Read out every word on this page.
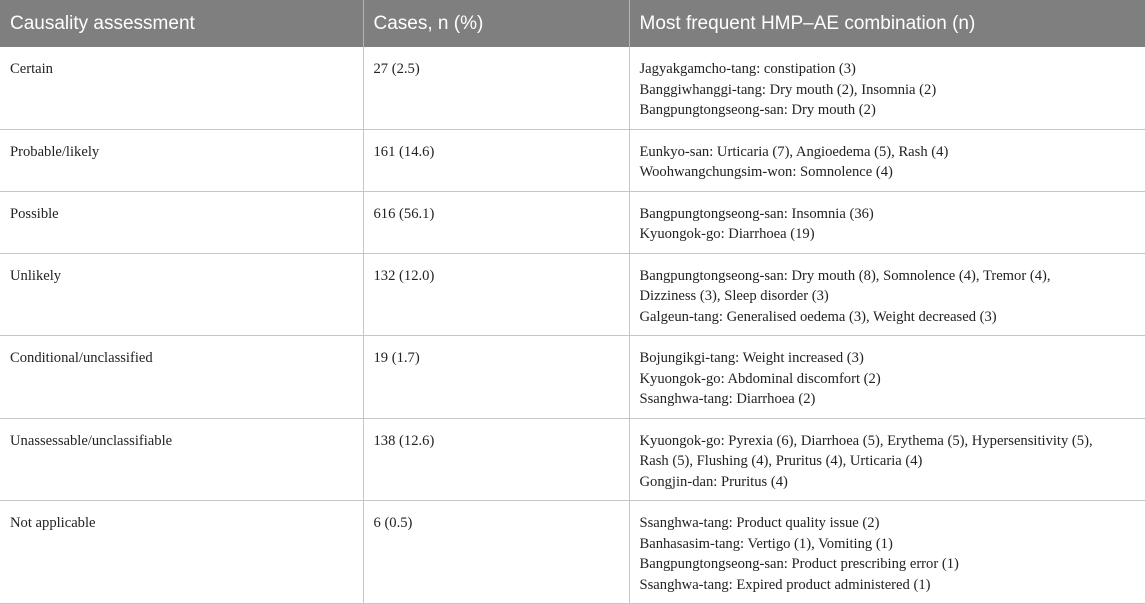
Causality assessment	Cases, n (%)	Most frequent HMP–AE combination (n)
Certain	27 (2.5)	Jagyakgamcho-tang: constipation (3)
Banggiwhanggi-tang: Dry mouth (2), Insomnia (2)
Bangpungtongseong-san: Dry mouth (2)

Probable/likely	161 (14.6)	Eunkyo-san: Urticaria (7), Angioedema (5), Rash (4)
Woohwangchungsim-won: Somnolence (4)

Possible	616 (56.1)	Bangpungtongseong-san: Insomnia (36)
Kyuongok-go: Diarrhoea (19)

Unlikely	132 (12.0)	Bangpungtongseong-san: Dry mouth (8), Somnolence (4), Tremor (4),
Dizziness (3), Sleep disorder (3)
Galgeun-tang: Generalised oedema (3), Weight decreased (3)

Conditional/unclassified	19 (1.7)	Bojungikgi-tang: Weight increased (3)
Kyuongok-go: Abdominal discomfort (2)
Ssanghwa-tang: Diarrhoea (2)

Unassessable/unclassifiable	138 (12.6)	Kyuongok-go: Pyrexia (6), Diarrhoea (5), Erythema (5), Hypersensitivity (5),
Rash (5), Flushing (4), Pruritus (4), Urticaria (4)
Gongjin-dan: Pruritus (4)

Not applicable	6 (0.5)	Ssanghwa-tang: Product quality issue (2)
Banhasasim-tang: Vertigo (1), Vomiting (1)
Bangpungtongseong-san: Product prescribing error (1)
Ssanghwa-tang: Expired product administered (1)
